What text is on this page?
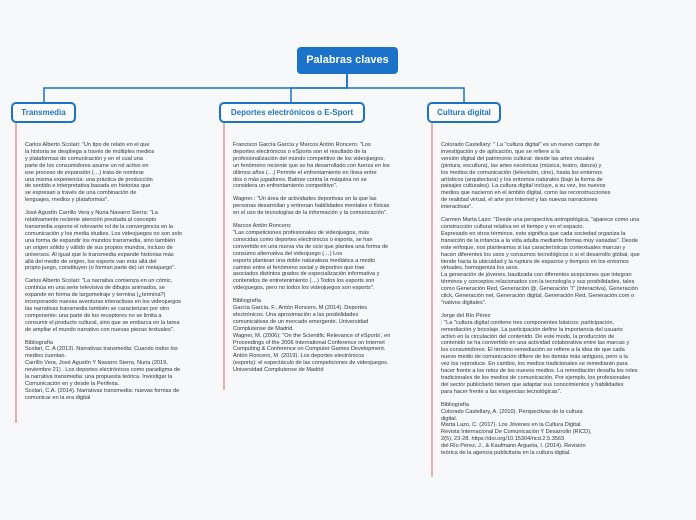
Palabras claves
Transmedia	Deportes electrónicos o E-Sport	Cultura digital

Carlos Alberto Scolari: "Un tipo de relato en el que
la historia se despliega a través de múltiples medios
y plataformas de comunicación y en el cual una
parte de los consumidores asume un rol activo en
ese proceso de expansión (…) trata de nombrar
una misma experiencia: una práctica de producción
de sentido e interpretativa basada en historias que
se expresan a través de una combinación de
lenguajes, medios y plataformas".

José Agustín Carrillo Vera y Nuria Navarro Sierra: "La
relativamente reciente atención prestada al concepto
transmedia expone el relevante rol de la convergencia en la
comunicación y los media studies. Los videojuegos no son solo
una forma de expandir los mundos transmedia, sino también
un origen sólido y válido de sus propios mundos, incluso de
universos. Al igual que lo transmedia expande historias más
allá del medio de origen, los esports van más allá del
propio juego, constituyen (o forman parte de) un metajuego".

Carlos Alberto Scolari: "La narrativa comienza en un cómic,
continúa en una serie televisiva de dibujos animados, se
expande en forma de largometraje y termina (¿termina?)
incorporando nuevas aventuras interactivas en los videojuegos
las narrativas transmedia también se caracterizan por otro
componente: una parte de los receptores no se limita a
consumir el producto cultural, sino que se embarca en la tarea
de ampliar el mundo narrativo con nuevas piezas textuales".

Bibliografía
Scolari, C. A (2013). Narrativas transmedia: Cuando todos los
medios cuentan.
Carrillo Vera, José Agustín Y Navarro Sierra, Nuria (2019,
noviembre 21) . Los deportes electrónicos como paradigma de
la narrativa transmedia: una propuesta teórica. Investigar la
Comunicación en y desde la Periferia.
Scolari, C.A. (2014). Narrativas transmedia: nuevas formas de
comunicar en la era digital

Francisco García García y Marcos Antón Roncero: "Los
deportes electrónicos o eSports son el resultado de la
profesionalización del mundo competitivo de los videojuegos,
un fenómeno reciente que se ha desarrollado con fuerza en los
últimos años (…) Permite el enfrentamiento en línea entre
dos o más jugadores. Batirse contra la máquina no se
considera un enfrentamiento competitivo".

Wagner.: "Un área de actividades deportivas en la que las
personas desarrollan y entrenan habilidades mentales o físicas
en el uso de tecnologías de la información y la comunicación".

Marcos Antón Roncero:
"Las competiciones profesionales de videojuegos, más
conocidas como deportes electrónicos o esports, se han
convertido en una nueva vía de ocio que plantea una forma de
consumo alternativa del videojuego (…) Los
esports plantean una doble naturaleza mediática a medio
camino entre el fenómeno social y deportivo que trae
asociados distintos grados de especialización informativa y
contenidos de entretenimiento (…) Todos los esports son
videojuegos, pero no todos los videojuegos son esports".

Bibliografía
García García, F., Antón Roncero, M (2014). Deportes
electrónicos. Una aproximación a las posibilidades
comunicativas de un mercado emergente. Universidad
Complutense de Madrid.
Wagner, M. (2006): "On the Scientific Relevance of eSports', en
Proceedings of the 2006 International Conference on Internet
Computing & Conference on Computer Games Development.
Antón Roncero, M. (2019). Los deportes electrónicos
(esports): el espectáculo de las competiciones de videojuegos.
Universidad Complutense de Madrid

Colorado Castellary: " La "cultura digital" es un nuevo campo de
investigación y de aplicación, que se refiere a la
versión digital del patrimonio cultural: desde las artes visuales
(pintura, escultura), las artes escénicas (música, teatro, danza) y
los medios de comunicación (televisión, cine), hasta los entornos
artísticos (arquitectura) y los entornos naturales (bajo la forma de
paisajes culturales). La cultura digital incluye, a su vez, los nuevos
medios que nacieron en el ámbito digital, como las reconstrucciones
de realidad virtual, el arte por Internet y las nuevas narraciones
interactivas".

Carmen Marta Lazo: "Desde una perspectiva antropológica, "aparece como una
construcción cultural relativa en el tiempo y en el espacio.
Expresado en otros términos, esto significa que cada sociedad organiza la
transición de la infancia a la vida adulta mediante formas muy variadas". Desde
este enfoque, nos planteamos si las características contextuales marcan y
hacen diferentes los usos y consumos tecnológicos o si el desarrollo global, que
tiende hacia la ubicuidad y la ruptura de espacios y tiempos en los entornos
virtuales, homogeniza los usos.
La generación de jóvenes, bautizada con diferentes acepciones que integran
términos y conceptos relacionados con la tecnología y sus posibilidades, tales
como Generación Red, Generación @, Generación "i" (interactiva), Generación
click, Generación net, Generación digital, Generación Red, Generación.com o
"nativos digitales".

Jorge del Río Pérez
: "La "cultura digital contiene tres componentes básicos: participación,
remediación y bricolaje. La participación define la importancia del usuario
activo en la circulación del contenido. De este modo, la producción de
contenido se ha convertido en una actividad colaborativa entre las marcas y
los consumidores. El término remediación se refiere a la idea de que cada
nuevo medio de comunicación difiere de los demás más antiguos, pero a la
vez los reproduce. En cambio, los medios tradicionales se remediarán para
hacer frente a los retos de los nuevos medios. La remediación desafía los roles
tradicionales de los medios de comunicación. Por ejemplo, los profesionales
del sector publicitario tienen que adaptar sus conocimientos y habilidades
para hacer frente a las exigencias tecnológicas".

Bibliografía
Colorado Castellary, A. (2010). Perspectivas de la cultura
digital.
Marta Lazo, C. (2017). Los Jóvenes en la Cultura Digital.
Revista Internacional De Comunicación Y Desarrollo (RICD),
2(5), 23-28. https://doi.org/10.15304/ricd.2.5.3563
del Río Pérez, J., & Kaufmann Argueta, I. (2014). Revisión
teórica de la agencia publicitaria en la cultura digital.
